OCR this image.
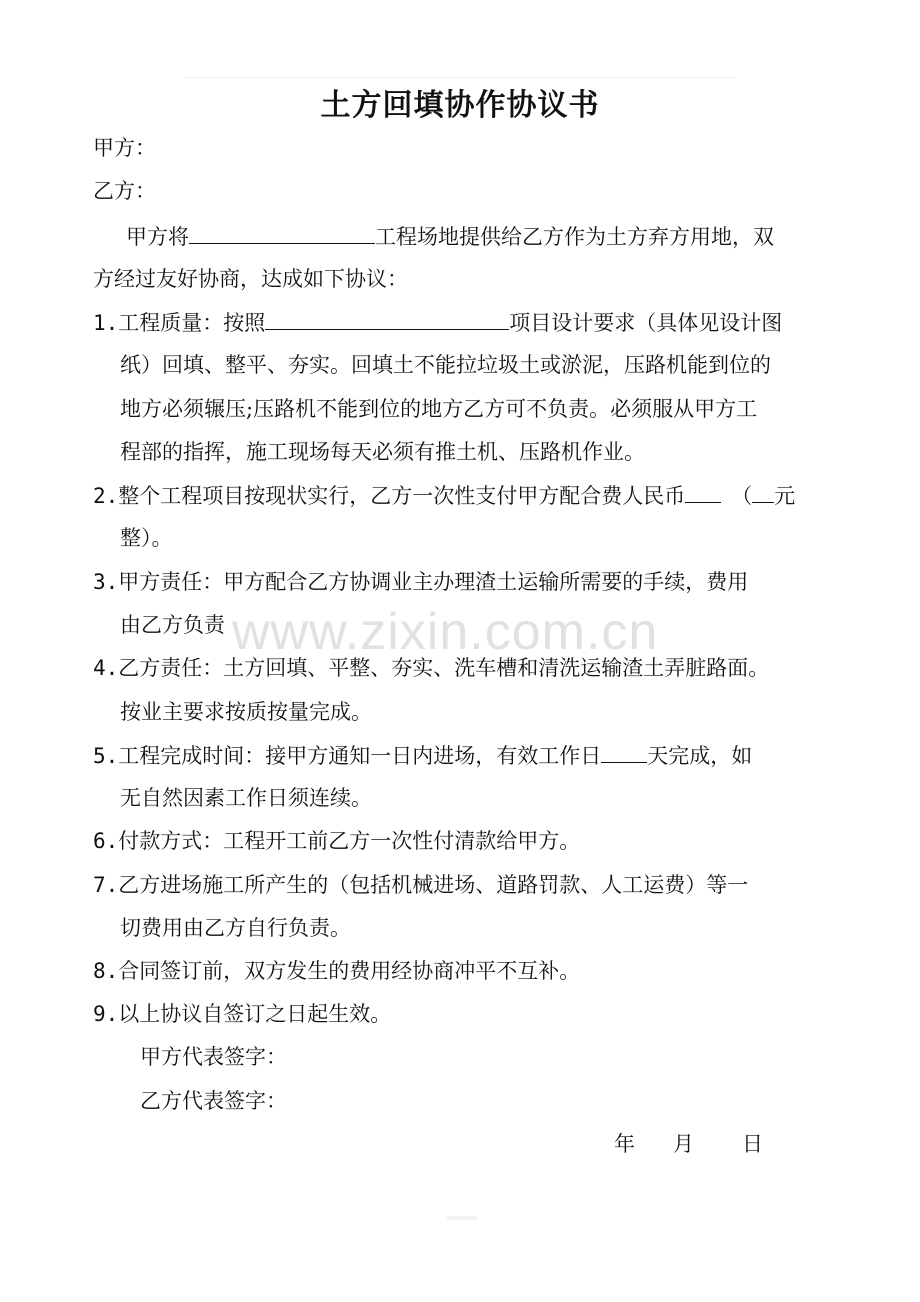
土方回填协作协议书
甲方：
乙方：
甲方将	工程场地提供给乙方作为土方弃方用地，双
方经过友好协商，达成如下协议：
1.工程质量：按照	项目设计要求（具体见设计图
纸）回填、整平、夯实。回填土不能拉垃圾土或淤泥，压路机能到位的
地方必须辗压;压路机不能到位的地方乙方可不负责。必须服从甲方工
程部的指挥，施工现场每天必须有推土机、压路机作业。
2.整个工程项目按现状实行，乙方一次性支付甲方配合费人民币 （ 元
整）。
3.甲方责任：甲方配合乙方协调业主办理渣土运输所需要的手续，费用
由乙方负责
4.乙方责任：土方回填、平整、夯实、洗车槽和清洗运输渣土弄脏路面。
按业主要求按质按量完成。
5.工程完成时间：接甲方通知一日内进场，有效工作日 天完成，如
无自然因素工作日须连续。
6.付款方式：工程开工前乙方一次性付清款给甲方。
7.乙方进场施工所产生的（包括机械进场、道路罚款、人工运费）等一
切费用由乙方自行负责。
8.合同签订前，双方发生的费用经协商冲平不互补。
9.以上协议自签订之日起生效。
甲方代表签字：
乙方代表签字：
年 月 日
www.zixin.com.cn
